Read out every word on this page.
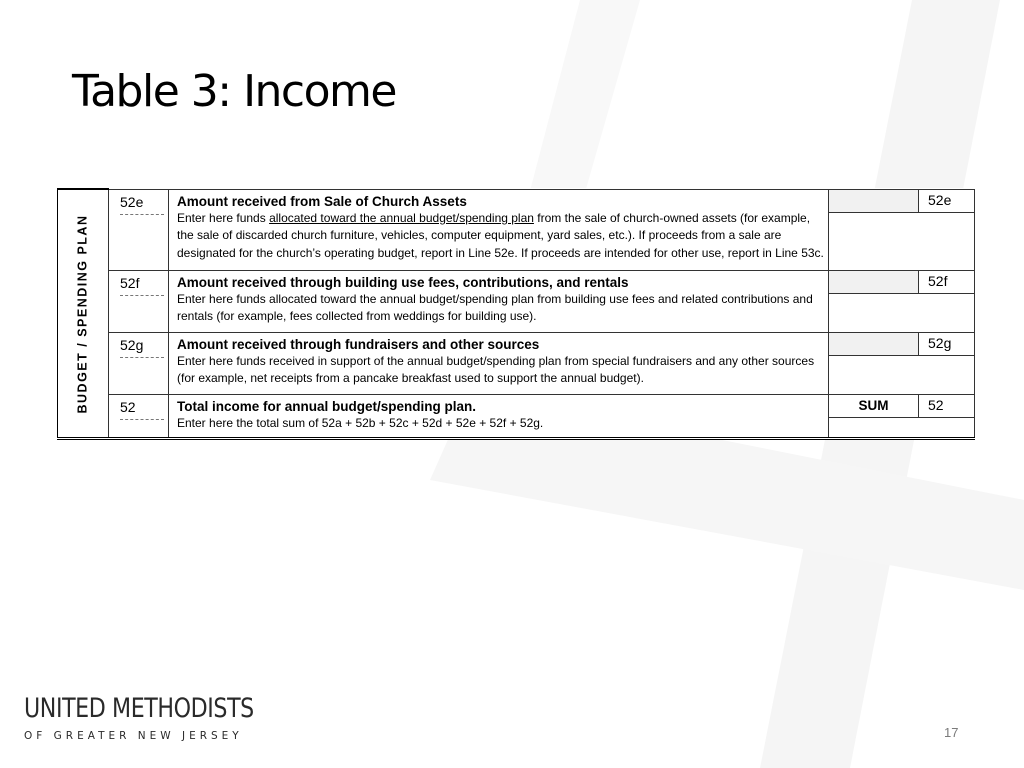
Table 3: Income
BUDGET / SPENDING PLAN	52e	Amount received from Sale of Church Assets
Enter here funds allocated toward the annual budget/spending plan from the sale of church-owned assets (for example, the sale of discarded church furniture, vehicles, computer equipment, yard sales, etc.). If proceeds from a sale are designated for the church’s operating budget, report in Line 52e. If proceeds are intended for other use, report in Line 53c.		52e

	52f	Amount received through building use fees, contributions, and rentals
Enter here funds allocated toward the annual budget/spending plan from building use fees and related contributions and rentals (for example, fees collected from weddings for building use).		52f

	52g	Amount received through fundraisers and other sources
Enter here funds received in support of the annual budget/spending plan from special fundraisers and any other sources (for example, net receipts from a pancake breakfast used to support the annual budget).		52g

	52	Total income for annual budget/spending plan.
Enter here the total sum of 52a + 52b + 52c + 52d + 52e + 52f + 52g.	SUM	52

UNITED METHODISTS
OF GREATER NEW JERSEY	17
